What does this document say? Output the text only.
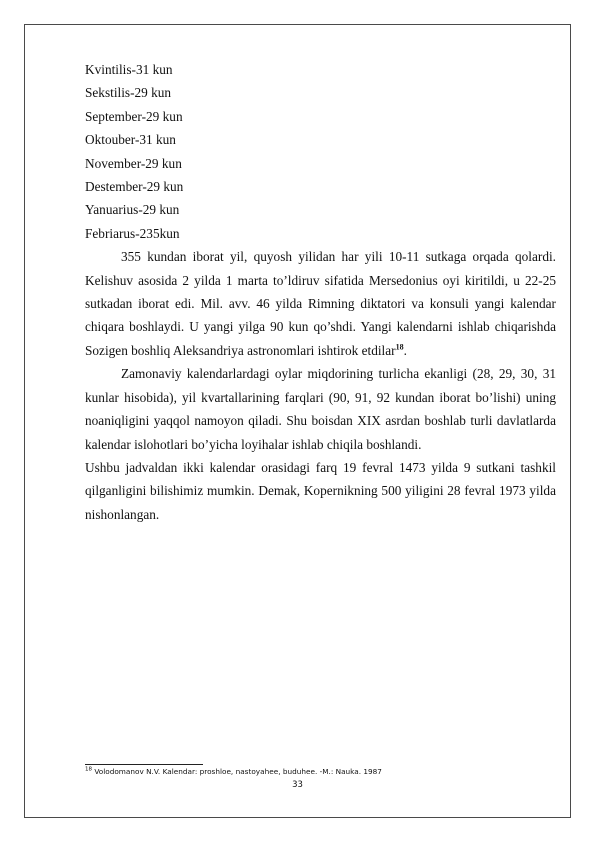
Kvintilis-31 kun
Sekstilis-29 kun
September-29 kun
Oktouber-31 kun
November-29 kun
Destember-29 kun
Yanuarius-29 kun
Febriarus-235kun

355 kundan iborat yil, quyosh yilidan har yili 10-11 sutkaga orqada qolardi. Kelishuv asosida 2 yilda 1 marta to’ldiruv sifatida Mersedonius oyi kiritildi, u 22-25 sutkadan iborat edi. Mil. avv. 46 yilda Rimning diktatori va konsuli yangi kalendar chiqara boshlaydi. U yangi yilga 90 kun qo’shdi. Yangi kalendarni ishlab chiqarishda Sozigen boshliq Aleksandriya astronomlari ishtirok etdilar$^{18}$.

Zamonaviy kalendarlardagi oylar miqdorining turlicha ekanligi (28, 29, 30, 31 kunlar hisobida), yil kvartallarining farqlari (90, 91, 92 kundan iborat bo’lishi) uning noaniqligini yaqqol namoyon qiladi. Shu boisdan XIX asrdan boshlab turli davlatlarda kalendar islohotlari bo’yicha loyihalar ishlab chiqila boshlandi.

Ushbu jadvaldan ikki kalendar orasidagi farq 19 fevral 1473 yilda 9 sutkani tashkil qilganligini bilishimiz mumkin. Demak, Kopernikning 500 yiligini 28 fevral 1973 yilda nishonlangan.

$^{18}$ Volodomanov N.V. Kalendar: proshloe, nastoyahee, buduhee. -M.: Nauka. 1987
33
